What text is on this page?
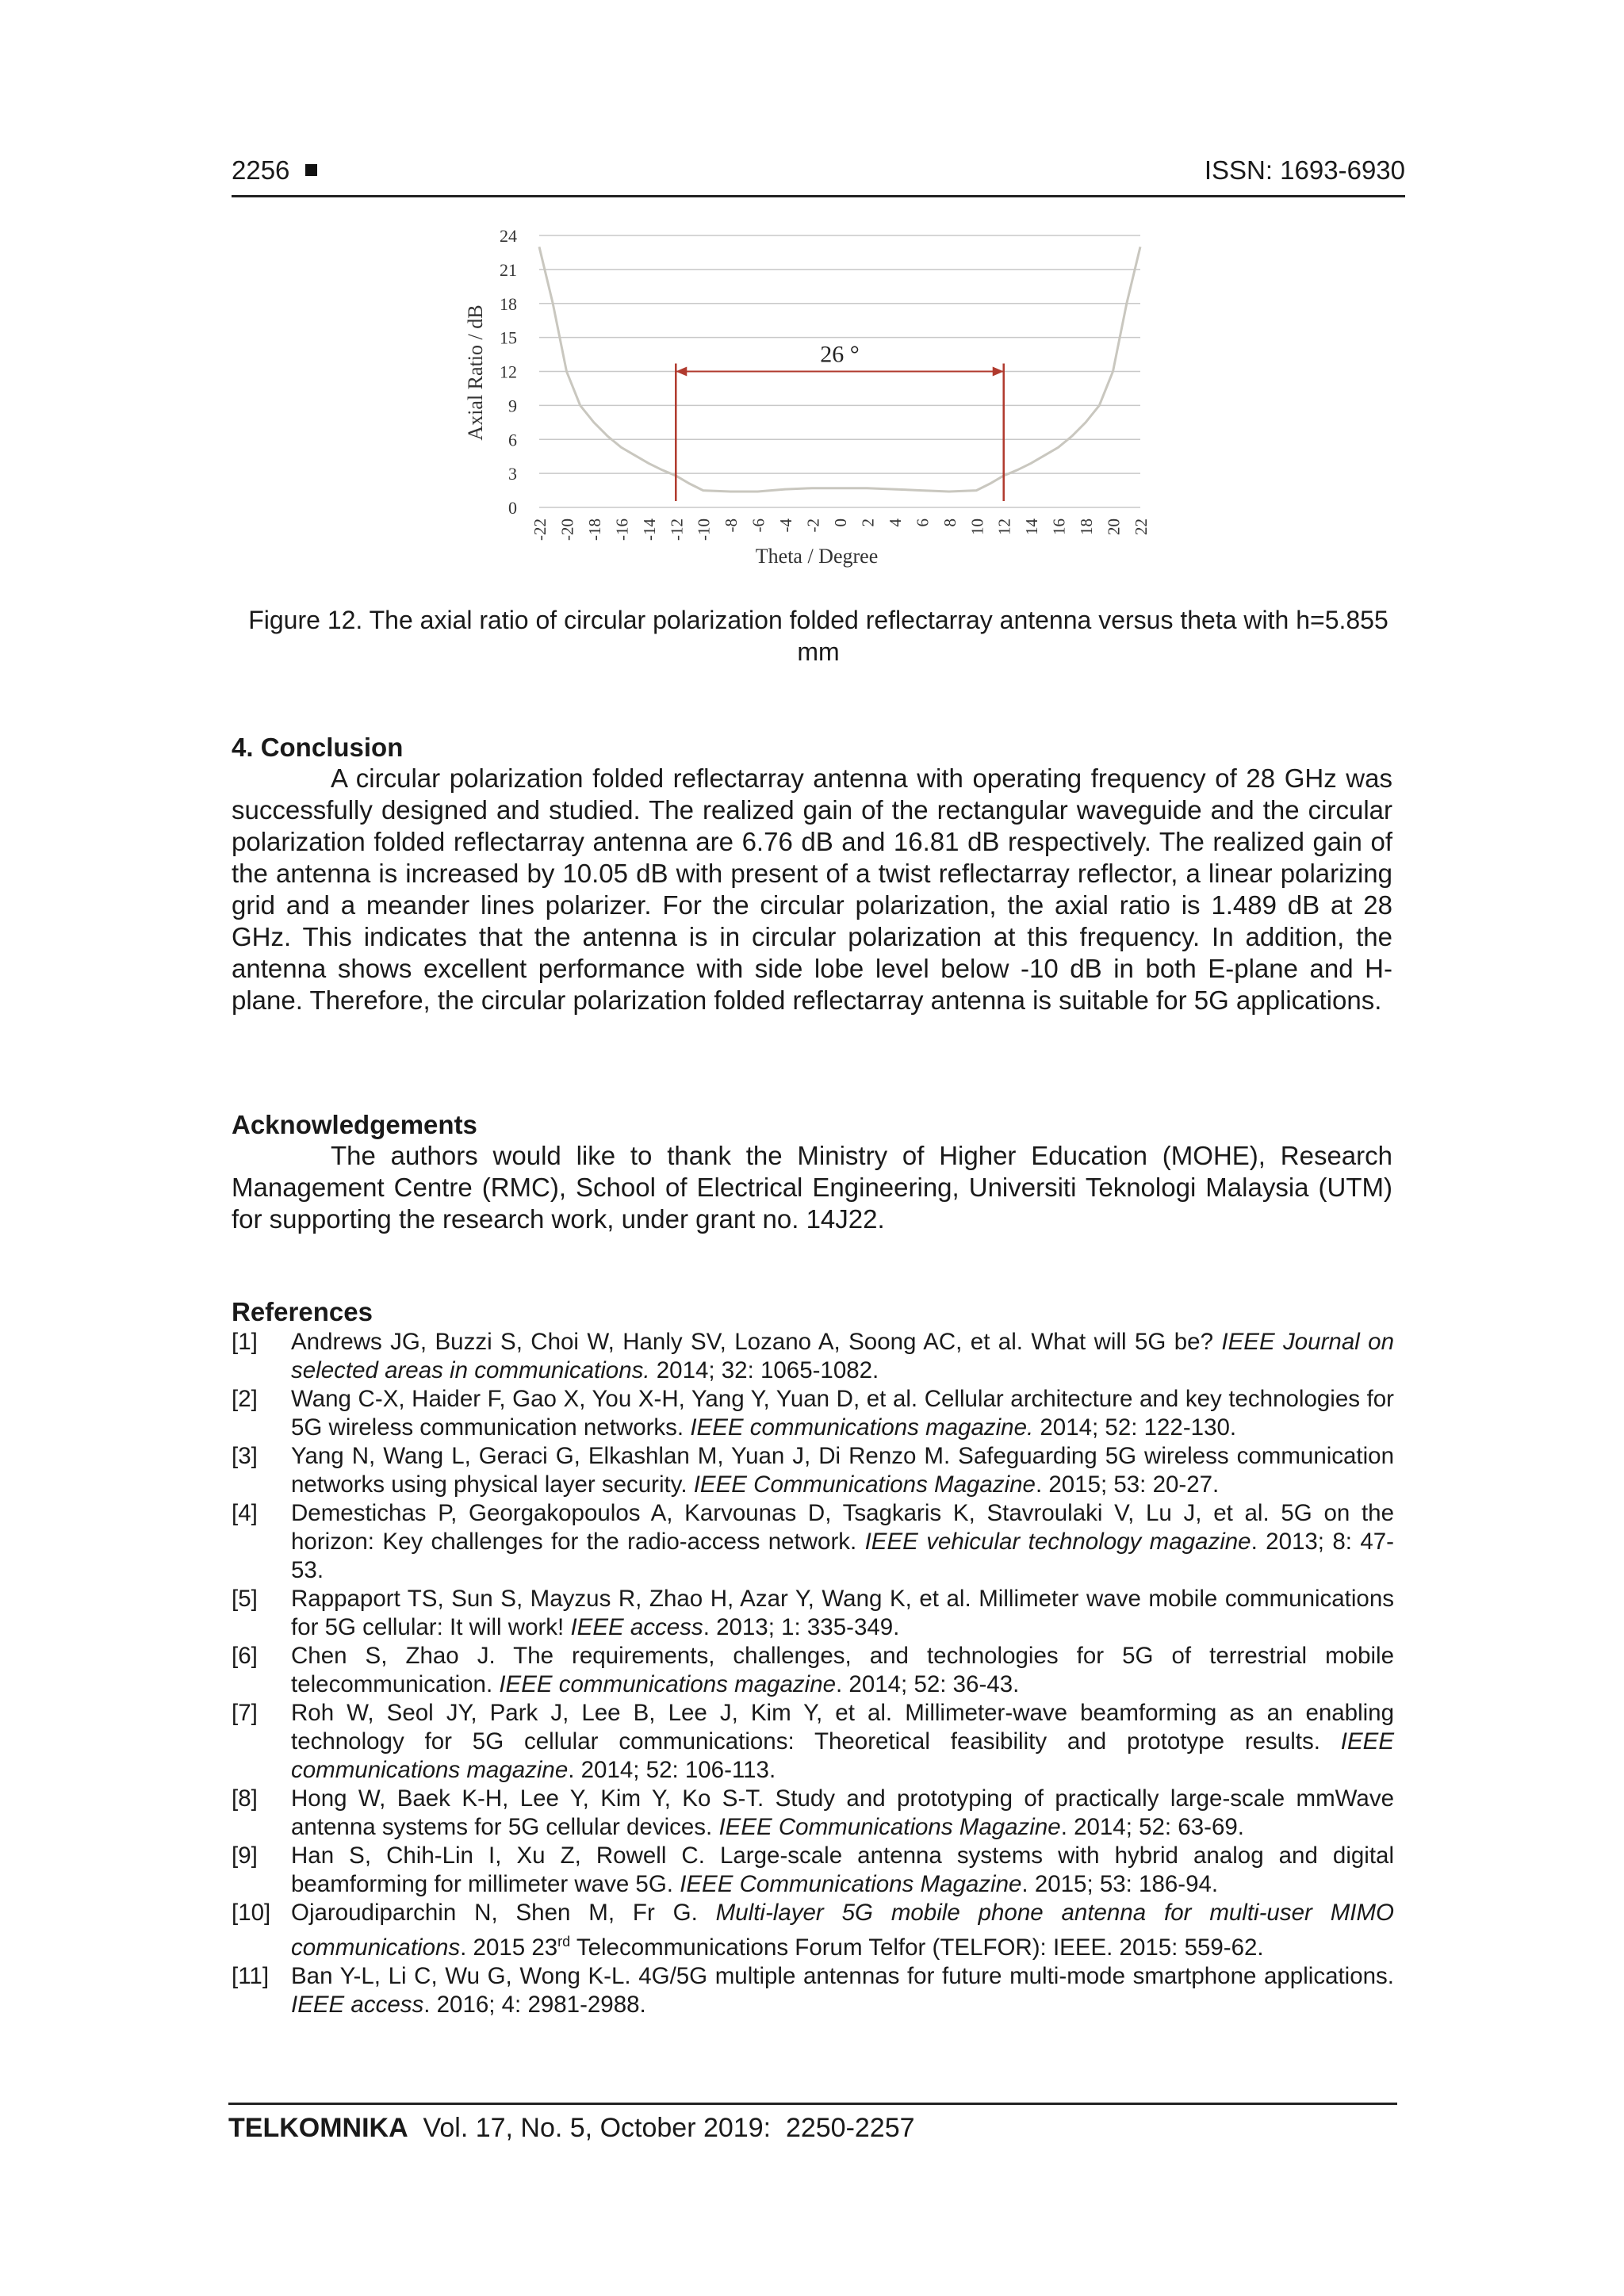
2256	ISSN: 1693-6930
0
3
6
9
12
15
18
21
24
-22 -20 -18 -16 -14 -12 -10 -8 -6 -4 -2 0 2 4 6 8 10 12 14 16 18 20 22
Axial Ratio / dB
Theta / Degree
26 °
Figure 12. The axial ratio of circular polarization folded reflectarray antenna versus theta with h=5.855 mm
4. Conclusion
A circular polarization folded reflectarray antenna with operating frequency of 28 GHz was successfully designed and studied. The realized gain of the rectangular waveguide and the circular polarization folded reflectarray antenna are 6.76 dB and 16.81 dB respectively. The realized gain of the antenna is increased by 10.05 dB with present of a twist reflectarray reflector, a linear polarizing grid and a meander lines polarizer. For the circular polarization, the axial ratio is 1.489 dB at 28 GHz. This indicates that the antenna is in circular polarization at this frequency. In addition, the antenna shows excellent performance with side lobe level below -10 dB in both E-plane and H-plane. Therefore, the circular polarization folded reflectarray antenna is suitable for 5G applications.
Acknowledgements
The authors would like to thank the Ministry of Higher Education (MOHE), Research Management Centre (RMC), School of Electrical Engineering, Universiti Teknologi Malaysia (UTM) for supporting the research work, under grant no. 14J22.
References
[1] Andrews JG, Buzzi S, Choi W, Hanly SV, Lozano A, Soong AC, et al. What will 5G be? IEEE Journal on selected areas in communications. 2014; 32: 1065-1082.
[2] Wang C-X, Haider F, Gao X, You X-H, Yang Y, Yuan D, et al. Cellular architecture and key technologies for 5G wireless communication networks. IEEE communications magazine. 2014; 52: 122-130.
[3] Yang N, Wang L, Geraci G, Elkashlan M, Yuan J, Di Renzo M. Safeguarding 5G wireless communication networks using physical layer security. IEEE Communications Magazine. 2015; 53: 20-27.
[4] Demestichas P, Georgakopoulos A, Karvounas D, Tsagkaris K, Stavroulaki V, Lu J, et al. 5G on the horizon: Key challenges for the radio-access network. IEEE vehicular technology magazine. 2013; 8: 47-53.
[5] Rappaport TS, Sun S, Mayzus R, Zhao H, Azar Y, Wang K, et al. Millimeter wave mobile communications for 5G cellular: It will work! IEEE access. 2013; 1: 335-349.
[6] Chen S, Zhao J. The requirements, challenges, and technologies for 5G of terrestrial mobile telecommunication. IEEE communications magazine. 2014; 52: 36-43.
[7] Roh W, Seol JY, Park J, Lee B, Lee J, Kim Y, et al. Millimeter-wave beamforming as an enabling technology for 5G cellular communications: Theoretical feasibility and prototype results. IEEE communications magazine. 2014; 52: 106-113.
[8] Hong W, Baek K-H, Lee Y, Kim Y, Ko S-T. Study and prototyping of practically large-scale mmWave antenna systems for 5G cellular devices. IEEE Communications Magazine. 2014; 52: 63-69.
[9] Han S, Chih-Lin I, Xu Z, Rowell C. Large-scale antenna systems with hybrid analog and digital beamforming for millimeter wave 5G. IEEE Communications Magazine. 2015; 53: 186-94.
[10] Ojaroudiparchin N, Shen M, Fr G. Multi-layer 5G mobile phone antenna for multi-user MIMO communications. 2015 23rd Telecommunications Forum Telfor (TELFOR): IEEE. 2015: 559-62.
[11] Ban Y-L, Li C, Wu G, Wong K-L. 4G/5G multiple antennas for future multi-mode smartphone applications. IEEE access. 2016; 4: 2981-2988.
TELKOMNIKA  Vol. 17, No. 5, October 2019:  2250-2257
